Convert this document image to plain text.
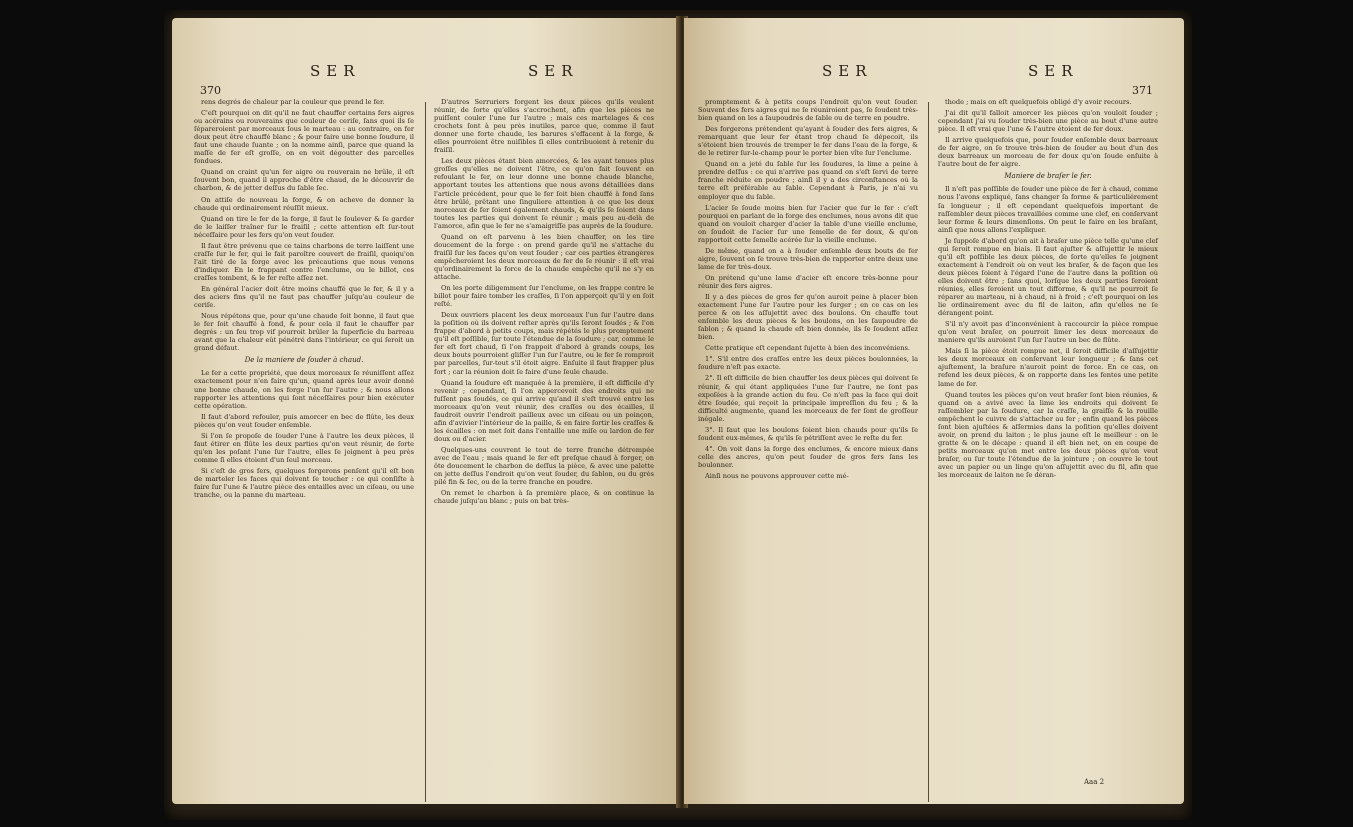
370
SER	SER

rens degrés de chaleur par la couleur que prend le fer.

C'eſt pourquoi on dit qu'il ne faut chauffer certains fers aigres ou acérains ou rouverains que couleur de ceriſe, ſans quoi ils ſe ſépareroient par morceaux ſous le marteau : au contraire, on fer doux peut être chauffé blanc ; & pour faire une bonne ſoudure, il faut une chaude ſuante ; on la nomme ainſi, parce que quand la maſſe de fer eſt groſſe, on en voit dégoutter des parcelles fondues.

Quand on craint qu'un fer aigre ou rouverain ne brûle, il eſt ſouvent bon, quand il approche d'être chaud, de le découvrir de charbon, & de jetter deſſus du ſable ſec.

On attiſe de nouveau la forge, & on acheve de donner la chaude qui ordinairement réuſſit mieux.

Quand on tire le fer de la forge, il faut le ſoulever & ſe garder de le laiſſer traîner ſur le fraiſil ; cette attention eſt ſur-tout néceſſaire pour les fers qu'on veut ſouder.

Il faut être prévenu que ce tains charbons de terre laiſſent une craſſe ſur le fer, qui le fait paroître couvert de fraiſil, quoiqu'on l'ait tiré de la forge avec les précautions que nous venons d'indiquer. En le frappant contre l'enclume, ou le billot, ces craſſes tombent, & le fer reſte aſſez net.

En général l'acier doit être moins chauffé que le fer, & il y a des aciers fins qu'il ne faut pas chauffer juſqu'au couleur de ceriſe.

Nous répétons que, pour qu'une chaude ſoit bonne, il faut que le fer ſoit chauffé à fond, & pour cela il faut le chauffer par degrés : un feu trop vif pourroit brûler la ſuperficie du barreau avant que la chaleur eût pénétré dans l'intérieur, ce qui ſeroit un grand défaut.

De la maniere de ſouder à chaud.

Le fer a cette propriété, que deux morceaux ſe réuniſſent aſſez exactement pour n'en faire qu'un, quand après leur avoir donné une bonne chaude, on les forge l'un ſur l'autre ; & nous allons rapporter les attentions qui ſont néceſſaires pour bien exécuter cette opération.

Il faut d'abord refouler, puis amorcer en bec de flûte, les deux pièces qu'on veut ſouder enſemble.

Si l'on ſe propoſe de ſouder l'une à l'autre les deux pièces, il faut étirer en flûte les deux parties qu'on veut réunir, de ſorte qu'en les poſant l'une ſur l'autre, elles ſe joignent à peu près comme ſi elles étoient d'un ſeul morceau.

Si c'eſt de gros fers, quelques forgerons penſent qu'il eſt bon de marteler les faces qui doivent ſe toucher : ce qui conſiſte à faire ſur l'une & l'autre pièce des entailles avec un ciſeau, ou une tranche, ou la panne du marteau.

D'autres Serruriers forgent les deux pièces qu'ils veulent réunir, de ſorte qu'elles s'accrochent, afin que les pièces ne puiſſent couler l'une ſur l'autre ; mais ces martelages & ces crochets ſont à peu près inutiles, parce que, comme il faut donner une forte chaude, les barures s'effacent à la forge, & elles pourroient être nuiſibles ſi elles contribuoient à retenir du fraiſil.

Les deux pièces étant bien amorcées, & les ayant tenues plus groſſes qu'elles ne doivent l'être, ce qu'on fait ſouvent en refoulant le fer, on leur donne une bonne chaude blanche, apportant toutes les attentions que nous avons détaillées dans l'article précédent, pour que le fer ſoit bien chauffé à fond ſans être brûlé, prêtant une ſinguliere attention à ce que les deux morceaux de fer ſoient également chauds, & qu'ils ſe ſoient dans toutes les parties qui doivent ſe réunir ; mais peu au-delà de l'amorce, afin que le fer ne s'amaigriſſe pas auprès de la ſoudure.

Quand on eſt parvenu à les bien chauffer, on les tire doucement de la forge : on prend garde qu'il ne s'attache du fraiſil ſur les faces qu'on veut ſouder ; car ces parties étrangères empêcheroient les deux morceaux de fer de ſe réunir : il eſt vrai qu'ordinairement la force de la chaude empêche qu'il ne s'y en attache.

On les porte diligemment ſur l'enclume, on les frappe contre le billot pour faire tomber les craſſes, ſi l'on apperçoit qu'il y en ſoit reſté.

Deux ouvriers placent les deux morceaux l'un ſur l'autre dans la poſition où ils doivent reſter après qu'ils ſeront ſoudés ; & l'on frappe d'abord à petits coups, mais répétés le plus promptement qu'il eſt poſſible, ſur toute l'étendue de la ſoudure ; car, comme le fer eſt fort chaud, ſi l'on frappoit d'abord à grands coups, les deux bouts pourroient gliſſer l'un ſur l'autre, ou le fer ſe romproit par parcelles, ſur-tout s'il étoit aigre. Enſuite il faut frapper plus fort ; car la réunion doit ſe faire d'une ſeule chaude.

Quand la ſoudure eſt manquée à la première, il eſt difficile d'y revenir ; cependant, ſi l'on appercevoit des endroits qui ne fuſſent pas ſoudés, ce qui arrive qu'and il s'eſt trouvé entre les morceaux qu'on veut réunir, des craſſes ou des écailles, il faudroit ouvrir l'endroit pailleux avec un ciſeau ou un poinçon, afin d'avivier l'intérieur de la paille, & en faire ſortir les craſſes & les écailles : on met ſoit dans l'entaille une miſe ou lardon de fer doux ou d'acier.

Quelques-uns couvrent le tout de terre franche détrempée avec de l'eau ; mais quand le fer eſt preſque chaud à forger, on ôte doucement le charbon de deſſus la pièce, & avec une palette on jette deſſus l'endroit qu'on veut ſouder, du ſablon, ou du grès pilé fin & ſec, ou de la terre franche en poudre.

On remet le charbon à ſa première place, & on continue la chaude juſqu'au blanc ; puis on bat très-

SER	SER
371

promptement & à petits coups l'endroit qu'on veut ſouder. Souvent des fers aigres qui ne ſe réuniroient pas, ſe ſoudent très-bien quand on les a ſaupoudrés de ſable ou de terre en poudre.

Des forgerons prétendent qu'ayant à ſouder des fers aigres, & remarquant que leur fer étant trop chaud ſe dépecoit, ils s'étoient bien trouvés de tremper le fer dans l'eau de la forge, & de le retirer ſur-le-champ pour le porter bien vîte ſur l'enclume.

Quand on a jeté du ſable ſur les ſoudures, la lime a peine à prendre deſſus : ce qui n'arrive pas quand on s'eſt ſervi de terre franche réduite en poudre ; ainſi il y a des circonſtances où la terre eſt préférable au ſable. Cependant à Paris, je n'ai vu employer que du ſable.

L'acier ſe ſoude moins bien ſur l'acier que ſur le fer : c'eſt pourquoi en parlant de la forge des enclumes, nous avons dit que quand on vouloit charger d'acier la table d'une vieille enclume, on ſoudoit de l'acier ſur une ſemelle de fer doux, & qu'on rapportoit cette ſemelle acérée ſur la vieille enclume.

De même, quand on a à ſouder enſemble deux bouts de fer aigre, ſouvent on ſe trouve très-bien de rapporter entre deux une lame de fer très-doux.

On prétend qu'une lame d'acier eſt encore très-bonne pour réunir des fers aigres.

Il y a des pièces de gros fer qu'on auroit peine à placer bien exactement l'une ſur l'autre pour les ſurger ; en ce cas on les perce & on les aſſujettit avec des boulons. On chauffe tout enſemble les deux pièces & les boulons, on les ſaupoudre de ſablon ; & quand la chaude eſt bien donnée, ils ſe ſoudent aſſez bien.

Cette pratique eſt cependant ſujette à bien des inconvéniens.

1°. S'il entre des craſſes entre les deux pièces boulonnées, la ſoudure n'eſt pas exacte.

2°. Il eſt difficile de bien chauffer les deux pièces qui doivent ſe réunir, & qui étant appliquées l'une ſur l'autre, ne ſont pas expoſées à la grande action du feu. Ce n'eſt pas la face qui doit être ſoudée, qui reçoit la principale impreſſion du feu ; & la difficulté augmente, quand les morceaux de fer ſont de groſſeur inégale.

3°. Il faut que les boulons ſoient bien chauds pour qu'ils ſe ſoudent eux-mêmes, & qu'ils ſe pétriſſent avec le reſte du fer.

4°. On voit dans la forge des enclumes, & encore mieux dans celle des ancres, qu'on peut ſouder de gros fers ſans les boulonner.

Ainſi nous ne pouvons approuver cette mé-

thode ; mais on eſt quelquefois obligé d'y avoir recours.

J'ai dit qu'il falloit amorcer les pièces qu'on vouloit ſouder ; cependant j'ai vu ſouder très-bien une pièce au bout d'une autre pièce. Il eſt vrai que l'une & l'autre étoient de fer doux.

Il arrive quelquefois que, pour ſouder enſemble deux barreaux de fer aigre, on ſe trouve très-bien de ſouder au bout d'un des deux barreaux un morceau de fer doux qu'on ſoude enſuite à l'autre bout de fer aigre.

Maniere de braſer le fer.

Il n'eſt pas poſſible de ſouder une pièce de fer à chaud, comme nous l'avons expliqué, ſans changer ſa forme & particuliérement ſa longueur ; il eſt cependant quelquefois important de raſſembler deux pièces travaillées comme une clef, en conſervant leur forme & leurs dimenſions. On peut le faire en les braſant, ainſi que nous allons l'expliquer.

Je ſuppoſe d'abord qu'on ait à braſer une pièce telle qu'une clef qui ſeroit rompue en biais. Il faut ajuſter & aſſujettir le mieux qu'il eſt poſſible les deux pièces, de ſorte qu'elles ſe joignent exactement à l'endroit où on veut les braſer, & de façon que les deux pièces ſoient à l'égard l'une de l'autre dans la poſition où elles doivent être ; ſans quoi, lorſque les deux parties ſeroient réunies, elles ſeroient un tout difforme, & qu'il ne pourroit ſe réparer au marteau, ni à chaud, ni à froid ; c'eſt pourquoi on les lie ordinairement avec du fil de laiton, afin qu'elles ne ſe dérangent point.

S'il n'y avoit pas d'inconvénient à raccourcir la pièce rompue qu'on veut braſer, on pourroit limer les deux morceaux de maniere qu'ils auroient l'un ſur l'autre un bec de flûte.

Mais ſi la pièce étoit rompue net, il ſeroit difficile d'aſſujettir les deux morceaux en conſervant leur longueur ; & ſans cet ajuſtement, la braſure n'auroit point de force. En ce cas, on refend les deux pièces, & on rapporte dans les fentes une petite lame de fer.

Quand toutes les pièces qu'on veut braſer ſont bien réunies, & quand on a avivé avec la lime les endroits qui doivent ſe raſſembler par la ſoudure, car la craſſe, la graiſſe & la rouille empêchent le cuivre de s'attacher au fer ; enfin quand les pièces ſont bien ajuſtées & aſſermies dans la poſition qu'elles doivent avoir, on prend du laiton ; le plus jaune eſt le meilleur : on le gratte & on le décape : quand il eſt bien net, on en coupe de petits morceaux qu'on met entre les deux pièces qu'on veut braſer, ou ſur toute l'étendue de la jointure ; on couvre le tout avec un papier ou un linge qu'on aſſujettit avec du fil, afin que les morceaux de laiton ne ſe déran-

Aaa 2
